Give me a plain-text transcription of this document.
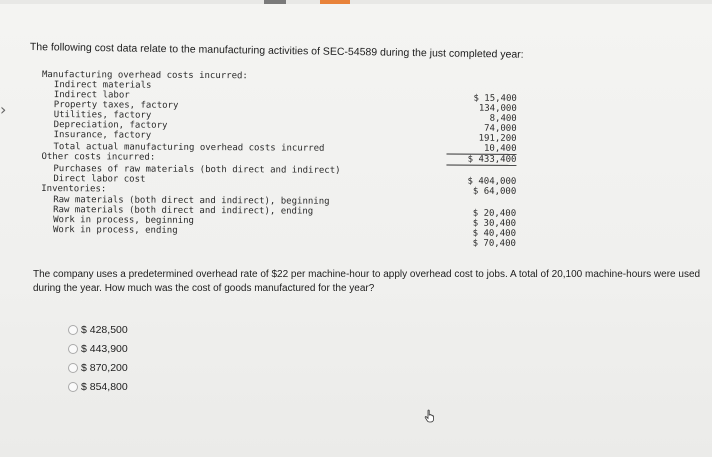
›
The following cost data relate to the manufacturing activities of SEC-54589 during the just completed year:
Manufacturing overhead costs incurred:
Indirect materials
Indirect labor
Property taxes, factory
Utilities, factory
Depreciation, factory
Insurance, factory
Total actual manufacturing overhead costs incurred
$ 15,400
134,000
8,400
74,000
191,200
10,400
$ 433,400
Other costs incurred:
Purchases of raw materials (both direct and indirect)
Direct labor cost	$ 404,000
$ 64,000
Inventories:
Raw materials (both direct and indirect), beginning
Raw materials (both direct and indirect), ending
Work in process, beginning
Work in process, ending
$ 20,400
$ 30,400
$ 40,400
$ 70,400
The company uses a predetermined overhead rate of $22 per machine-hour to apply overhead cost to jobs. A total of 20,100 machine-hours were used during the year. How much was the cost of goods manufactured for the year?
$ 428,500
$ 443,900
$ 870,200
$ 854,800
